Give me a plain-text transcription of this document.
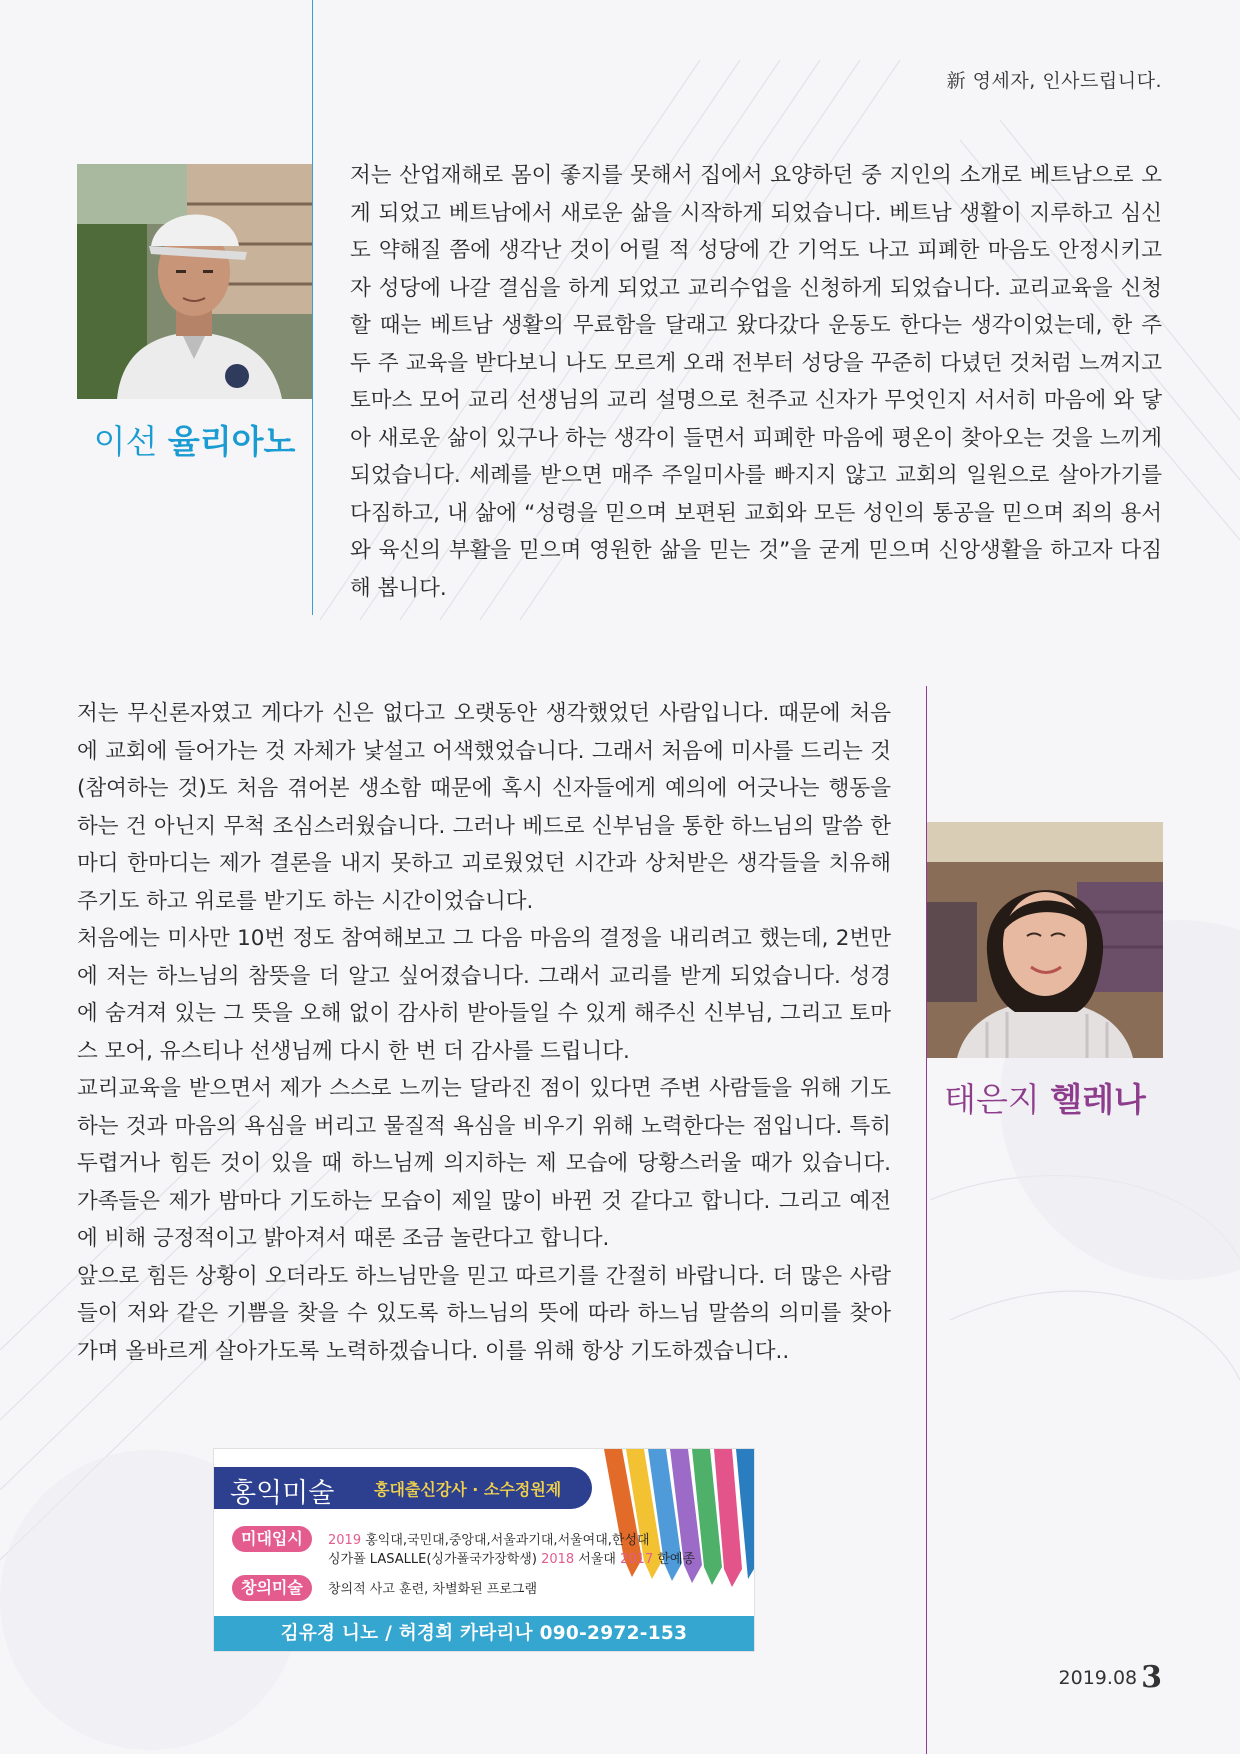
新 영세자, 인사드립니다.
이선 율리아노

저는 산업재해로 몸이 좋지를 못해서 집에서 요양하던 중 지인의 소개로 베트남으로 오게 되었고 베트남에서 새로운 삶을 시작하게 되었습니다. 베트남 생활이 지루하고 심신도 약해질 쯤에 생각난 것이 어릴 적 성당에 간 기억도 나고 피폐한 마음도 안정시키고자 성당에 나갈 결심을 하게 되었고 교리수업을 신청하게 되었습니다. 교리교육을 신청할 때는 베트남 생활의 무료함을 달래고 왔다갔다 운동도 한다는 생각이었는데, 한 주 두 주 교육을 받다보니 나도 모르게 오래 전부터 성당을 꾸준히 다녔던 것처럼 느껴지고 토마스 모어 교리 선생님의 교리 설명으로 천주교 신자가 무엇인지 서서히 마음에 와 닿아 새로운 삶이 있구나 하는 생각이 들면서 피폐한 마음에 평온이 찾아오는 것을 느끼게 되었습니다. 세례를 받으면 매주 주일미사를 빠지지 않고 교회의 일원으로 살아가기를 다짐하고, 내 삶에 “성령을 믿으며 보편된 교회와 모든 성인의 통공을 믿으며 죄의 용서와 육신의 부활을 믿으며 영원한 삶을 믿는 것”을 굳게 믿으며 신앙생활을 하고자 다짐해 봅니다.

저는 무신론자였고 게다가 신은 없다고 오랫동안 생각했었던 사람입니다. 때문에 처음에 교회에 들어가는 것 자체가 낯설고 어색했었습니다. 그래서 처음에 미사를 드리는 것(참여하는 것)도 처음 겪어본 생소함 때문에 혹시 신자들에게 예의에 어긋나는 행동을 하는 건 아닌지 무척 조심스러웠습니다. 그러나 베드로 신부님을 통한 하느님의 말씀 한마디 한마디는 제가 결론을 내지 못하고 괴로웠었던 시간과 상처받은 생각들을 치유해 주기도 하고 위로를 받기도 하는 시간이었습니다.

처음에는 미사만 10번 정도 참여해보고 그 다음 마음의 결정을 내리려고 했는데, 2번만에 저는 하느님의 참뜻을 더 알고 싶어졌습니다. 그래서 교리를 받게 되었습니다. 성경에 숨겨져 있는 그 뜻을 오해 없이 감사히 받아들일 수 있게 해주신 신부님, 그리고 토마스 모어, 유스티나 선생님께 다시 한 번 더 감사를 드립니다.

교리교육을 받으면서 제가 스스로 느끼는 달라진 점이 있다면 주변 사람들을 위해 기도하는 것과 마음의 욕심을 버리고 물질적 욕심을 비우기 위해 노력한다는 점입니다. 특히 두렵거나 힘든 것이 있을 때 하느님께 의지하는 제 모습에 당황스러울 때가 있습니다. 가족들은 제가 밤마다 기도하는 모습이 제일 많이 바뀐 것 같다고 합니다. 그리고 예전에 비해 긍정적이고 밝아져서 때론 조금 놀란다고 합니다.

앞으로 힘든 상황이 오더라도 하느님만을 믿고 따르기를 간절히 바랍니다. 더 많은 사람들이 저와 같은 기쁨을 찾을 수 있도록 하느님의 뜻에 따라 하느님 말씀의 의미를 찾아가며 올바르게 살아가도록 노력하겠습니다. 이를 위해 항상 기도하겠습니다..

태은지 헬레나
홍익미술 홍대출신강사 · 소수정원제
미대입시	2019 홍익대,국민대,중앙대,서울과기대,서울여대,한성대
싱가폴 LASALLE(싱가폴국가장학생) 2018 서울대 2017 한예종
창의미술	창의적 사고 훈련, 차별화된 프로그램
김유경 니노 / 허경희 카타리나 090-2972-153
2019.08 3
